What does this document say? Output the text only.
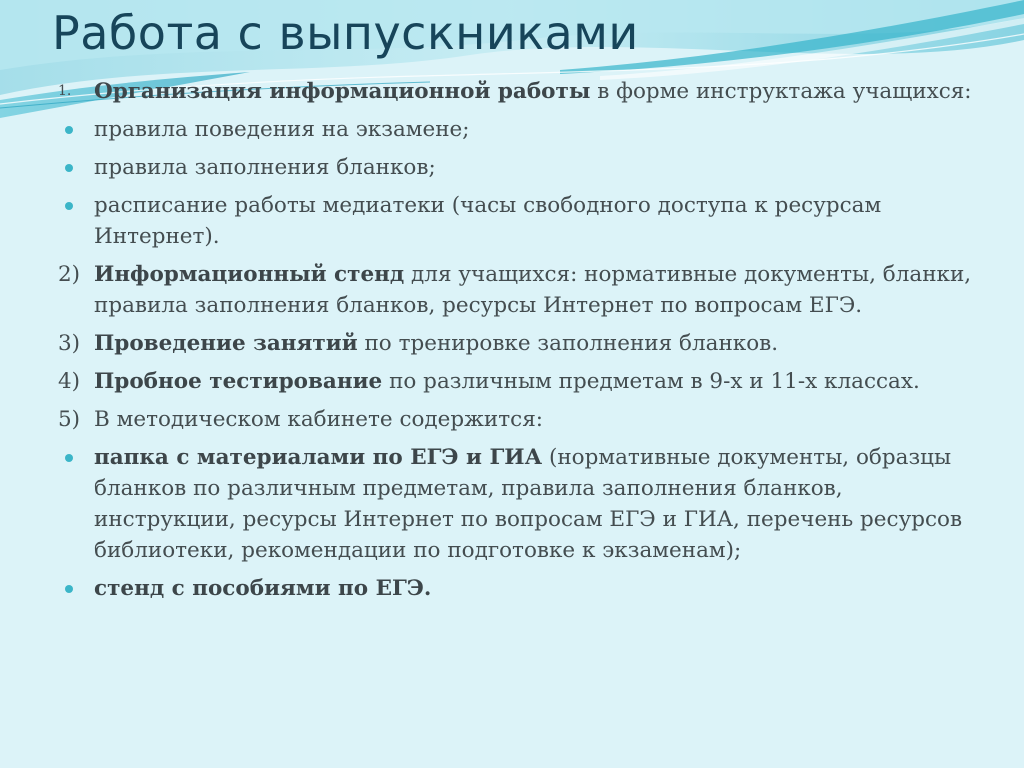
Работа с выпускниками
1.	Организация информационной работы в форме инструктажа учащихся:
правила поведения на экзамене;
правила заполнения бланков;
расписание работы медиатеки (часы свободного доступа к ресурсам Интернет).
2) Информационный стенд для учащихся: нормативные документы, бланки, правила заполнения бланков, ресурсы Интернет по вопросам ЕГЭ.
3) Проведение занятий по тренировке заполнения бланков.
4) Пробное тестирование по различным предметам в 9-х и 11-х классах.
5) В методическом кабинете содержится:
папка с материалами по ЕГЭ и ГИА (нормативные документы, образцы бланков по различным предметам, правила заполнения бланков, инструкции, ресурсы Интернет по вопросам ЕГЭ и ГИА, перечень ресурсов библиотеки, рекомендации по подготовке к экзаменам);
стенд с пособиями по ЕГЭ.
